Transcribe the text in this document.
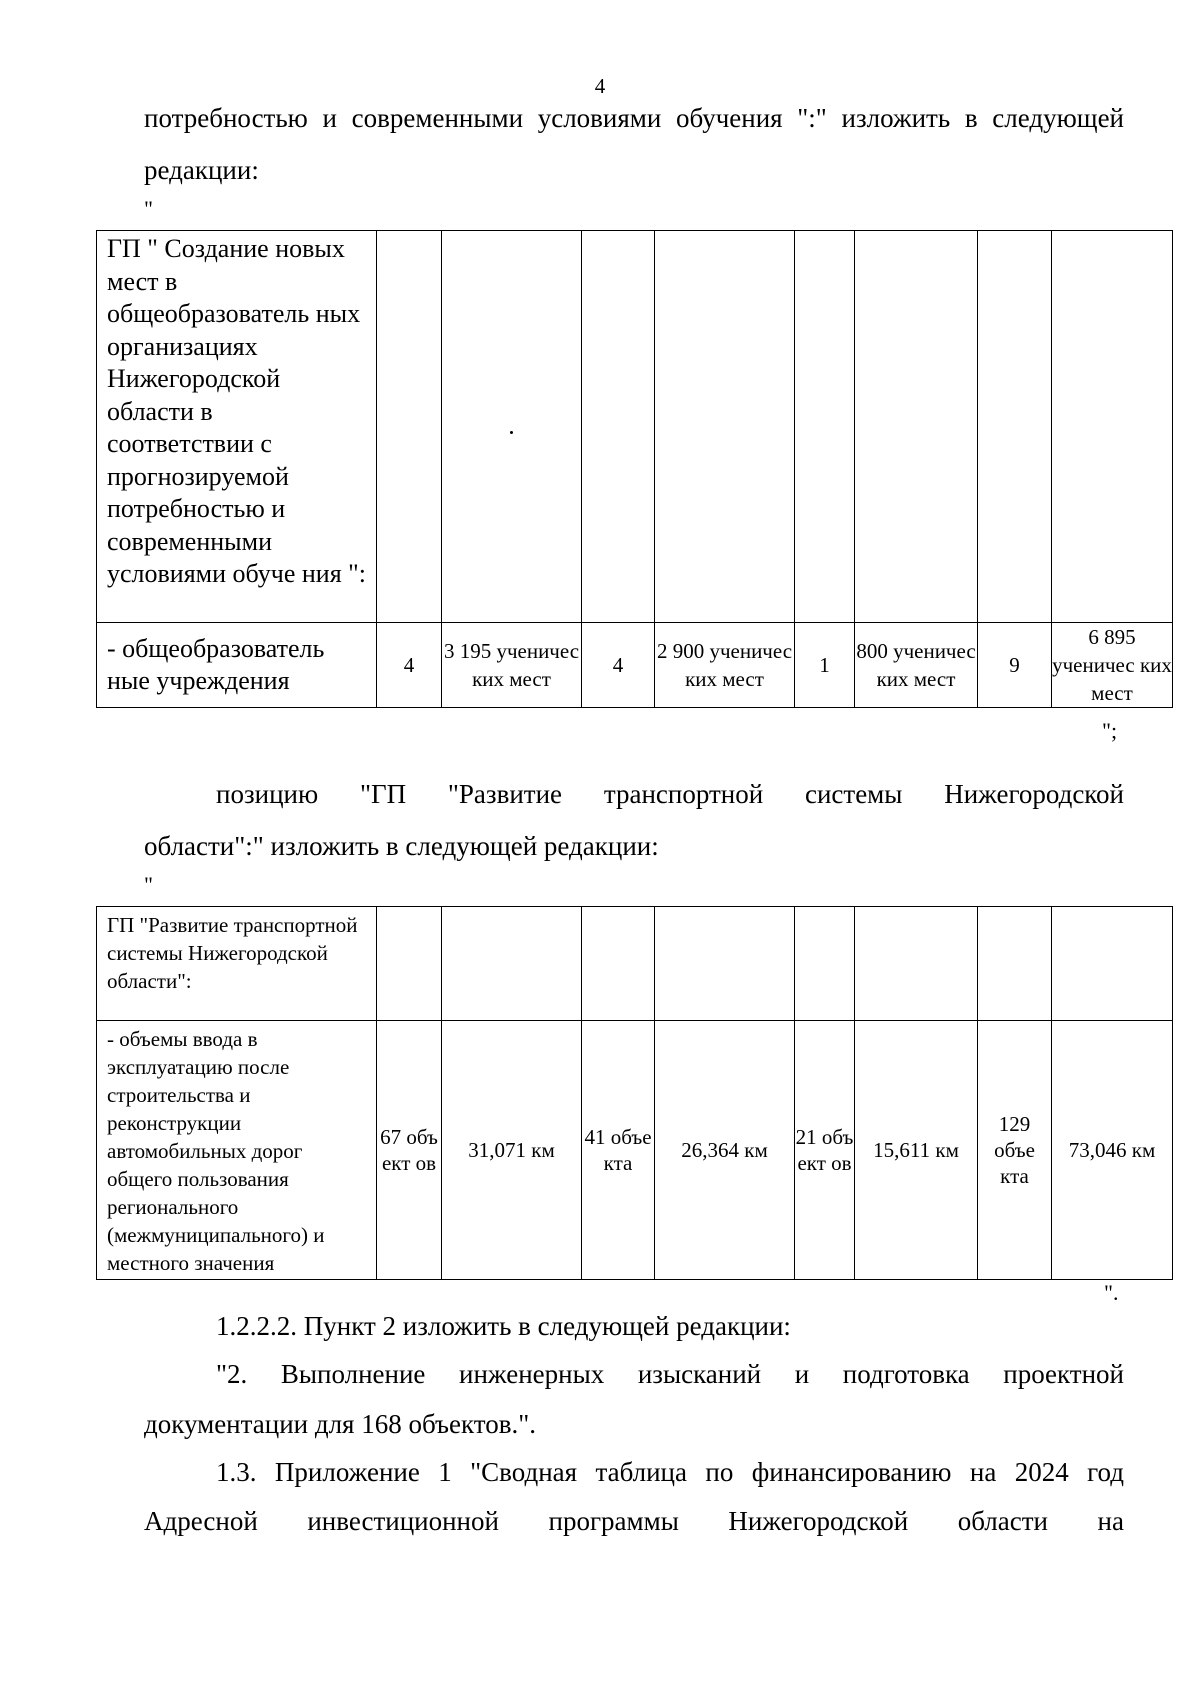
4
потребностью и современными условиями обучения ":" изложить в следующей
редакции:
"
ГП " Создание новых мест в общеобразователь ных организациях Нижегородской области в соответствии с прогнозируемой потребностью и современными условиями обуче ния ":								
- общеобразователь ные учреждения	4	3 195 ученичес ких мест	4	2 900 ученичес ких мест	1	800 ученичес ких мест	9	6 895 ученичес ких мест
";
позицию "ГП "Развитие транспортной системы Нижегородской
области":" изложить в следующей редакции:
"
ГП "Развитие транспортной системы Нижегородской области":								
- объемы ввода в эксплуатацию после строительства и реконструкции автомобильных дорог общего пользования регионального (межмуниципального) и местного значения	67 объ ект ов	31,071 км	41 объе кта	26,364 км	21 объ ект ов	15,611 км	129 объе кта	73,046 км
".
1.2.2.2. Пункт 2 изложить в следующей редакции:
"2. Выполнение инженерных изысканий и подготовка проектной
документации для 168 объектов.".
1.3. Приложение 1 "Сводная таблица по финансированию на 2024 год
Адресной инвестиционной программы Нижегородской области на
